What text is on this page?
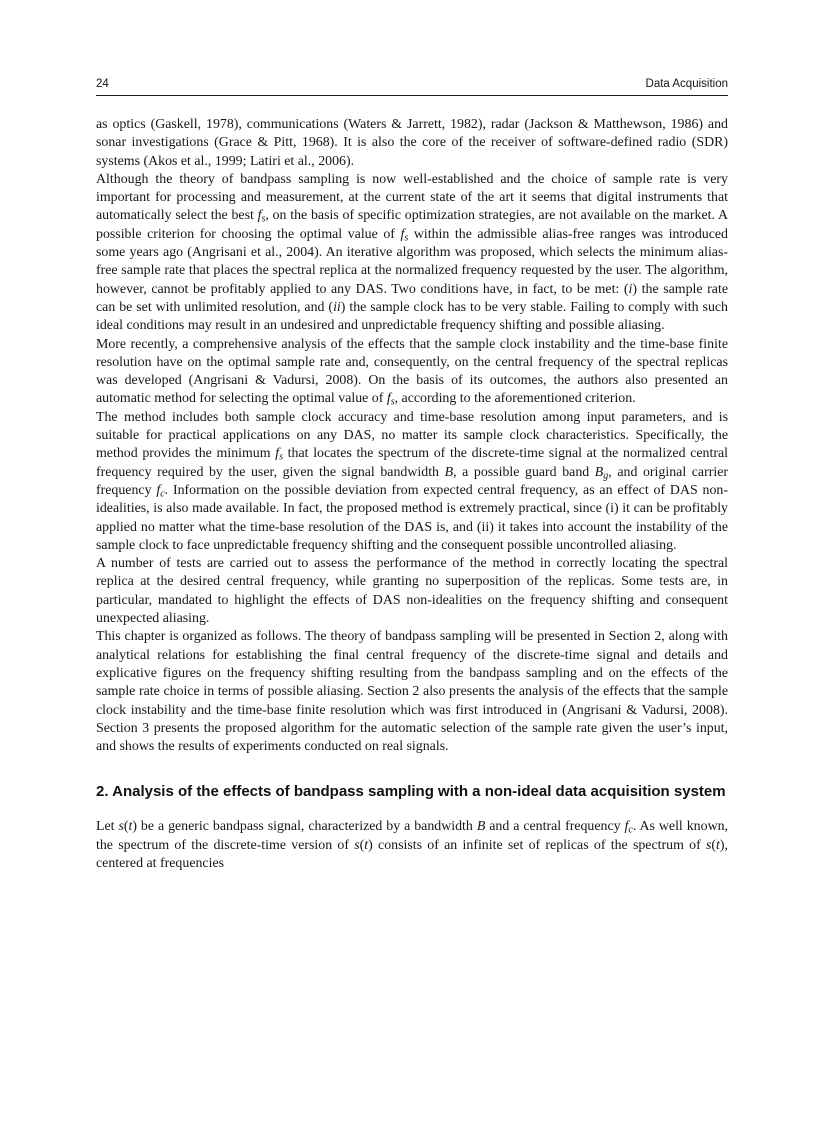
24	Data Acquisition

as optics (Gaskell, 1978), communications (Waters & Jarrett, 1982), radar (Jackson & Matthewson, 1986) and sonar investigations (Grace & Pitt, 1968). It is also the core of the receiver of software-defined radio (SDR) systems (Akos et al., 1999; Latiri et al., 2006).

Although the theory of bandpass sampling is now well-established and the choice of sample rate is very important for processing and measurement, at the current state of the art it seems that digital instruments that automatically select the best $f_s$, on the basis of specific optimization strategies, are not available on the market. A possible criterion for choosing the optimal value of $f_s$ within the admissible alias-free ranges was introduced some years ago (Angrisani et al., 2004). An iterative algorithm was proposed, which selects the minimum alias-free sample rate that places the spectral replica at the normalized frequency requested by the user. The algorithm, however, cannot be profitably applied to any DAS. Two conditions have, in fact, to be met: (i) the sample rate can be set with unlimited resolution, and (ii) the sample clock has to be very stable. Failing to comply with such ideal conditions may result in an undesired and unpredictable frequency shifting and possible aliasing.

More recently, a comprehensive analysis of the effects that the sample clock instability and the time-base finite resolution have on the optimal sample rate and, consequently, on the central frequency of the spectral replicas was developed (Angrisani & Vadursi, 2008). On the basis of its outcomes, the authors also presented an automatic method for selecting the optimal value of $f_s$, according to the aforementioned criterion.

The method includes both sample clock accuracy and time-base resolution among input parameters, and is suitable for practical applications on any DAS, no matter its sample clock characteristics. Specifically, the method provides the minimum $f_s$ that locates the spectrum of the discrete-time signal at the normalized central frequency required by the user, given the signal bandwidth B, a possible guard band $B_g$, and original carrier frequency $f_c$. Information on the possible deviation from expected central frequency, as an effect of DAS non-idealities, is also made available. In fact, the proposed method is extremely practical, since (i) it can be profitably applied no matter what the time-base resolution of the DAS is, and (ii) it takes into account the instability of the sample clock to face unpredictable frequency shifting and the consequent possible uncontrolled aliasing.

A number of tests are carried out to assess the performance of the method in correctly locating the spectral replica at the desired central frequency, while granting no superposition of the replicas. Some tests are, in particular, mandated to highlight the effects of DAS non-idealities on the frequency shifting and consequent unexpected aliasing.

This chapter is organized as follows. The theory of bandpass sampling will be presented in Section 2, along with analytical relations for establishing the final central frequency of the discrete-time signal and details and explicative figures on the frequency shifting resulting from the bandpass sampling and on the effects of the sample rate choice in terms of possible aliasing. Section 2 also presents the analysis of the effects that the sample clock instability and the time-base finite resolution which was first introduced in (Angrisani & Vadursi, 2008). Section 3 presents the proposed algorithm for the automatic selection of the sample rate given the user’s input, and shows the results of experiments conducted on real signals.

2. Analysis of the effects of bandpass sampling with a non-ideal data acquisition system

Let s(t) be a generic bandpass signal, characterized by a bandwidth B and a central frequency $f_c$. As well known, the spectrum of the discrete-time version of s(t) consists of an infinite set of replicas of the spectrum of s(t), centered at frequencies
